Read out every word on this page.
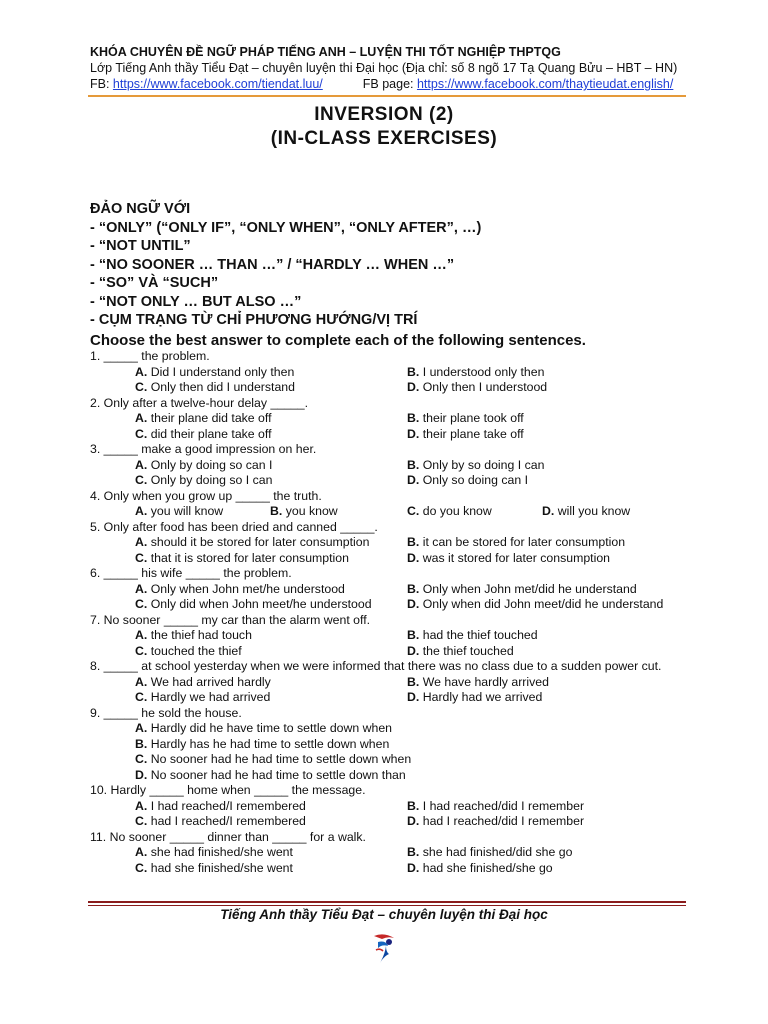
KHÓA CHUYÊN ĐỀ NGỮ PHÁP TIẾNG ANH – LUYỆN THI TỐT NGHIỆP THPTQG
Lớp Tiếng Anh thầy Tiểu Đạt – chuyên luyện thi Đại học (Địa chỉ: số 8 ngõ 17 Tạ Quang Bửu – HBT – HN)
FB: https://www.facebook.com/tiendat.luu/	FB page: https://www.facebook.com/thaytieudat.english/
INVERSION (2)
(IN-CLASS EXERCISES)
ĐẢO NGỮ VỚI
- “ONLY” (“ONLY IF”, “ONLY WHEN”, “ONLY AFTER”, …)
- “NOT UNTIL”
- “NO SOONER … THAN …” / “HARDLY … WHEN …”
- “SO” VÀ “SUCH”
- “NOT ONLY … BUT ALSO …”
- CỤM TRẠNG TỪ CHỈ PHƯƠNG HƯỚNG/VỊ TRÍ
Choose the best answer to complete each of the following sentences.
1. _____ the problem.
A. Did I understand only then	B. I understood only then
C. Only then did I understand	D. Only then I understood
2. Only after a twelve-hour delay _____.
A. their plane did take off	B. their plane took off
C. did their plane take off	D. their plane take off
3. _____ make a good impression on her.
A. Only by doing so can I	B. Only by so doing I can
C. Only by doing so I can	D. Only so doing can I
4. Only when you grow up _____ the truth.
A. you will know	B. you know	C. do you know	D. will you know
5. Only after food has been dried and canned _____.
A. should it be stored for later consumption	B. it can be stored for later consumption
C. that it is stored for later consumption	D. was it stored for later consumption
6. _____ his wife _____ the problem.
A. Only when John met/he understood	B. Only when John met/did he understand
C. Only did when John meet/he understood	D. Only when did John meet/did he understand
7. No sooner _____ my car than the alarm went off.
A. the thief had touch	B. had the thief touched
C. touched the thief	D. the thief touched
8. _____ at school yesterday when we were informed that there was no class due to a sudden power cut.
A. We had arrived hardly	B. We have hardly arrived
C. Hardly we had arrived	D. Hardly had we arrived
9. _____ he sold the house.
A. Hardly did he have time to settle down when
B. Hardly has he had time to settle down when
C. No sooner had he had time to settle down when
D. No sooner had he had time to settle down than
10. Hardly _____ home when _____ the message.
A. I had reached/I remembered	B. I had reached/did I remember
C. had I reached/I remembered	D. had I reached/did I remember
11. No sooner _____ dinner than _____ for a walk.
A. she had finished/she went	B. she had finished/did she go
C. had she finished/she went	D. had she finished/she go
Tiếng Anh thầy Tiểu Đạt – chuyên luyện thi Đại học
